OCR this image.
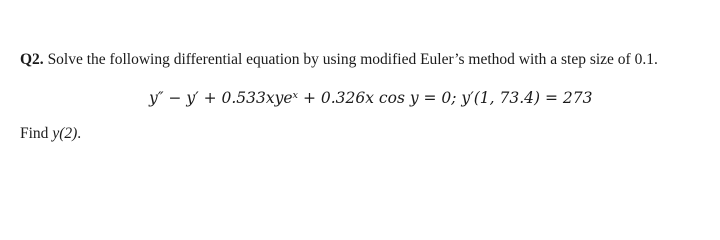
Q2. Solve the following differential equation by using modified Euler’s method with a step size of 0.1.
y″ − y′ + 0.533xyeˣ + 0.326x cos y = 0; y′(1, 73.4) = 273
Find y(2).
